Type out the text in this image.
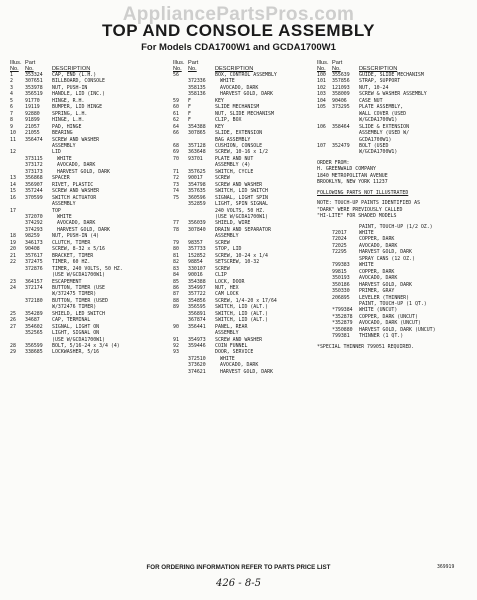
AppliancePartsPros.com
TOP AND CONSOLE ASSEMBLY
For Models CDA1700W1 and GCDA1700W1
Illus.
No.
Part
No.	DESCRIPTION
1	353324	CAP, END (L.H.)
2	307651	BILLBOARD, CONSOLE
3	353978	NUT, PUSH-IN
4	356519	HANDLE, LID (INC.)
5	91770	HINGE, R.H.
6	19119	BUMPER, LID HINGE
7	92880	SPRING, L.H.
8	91899	HINGE, L.H.
9	21057	PAD, HINGE
10	21055	BEARING
11	356474	SCREW AND WASHER
ASSEMBLY
12	LID
373115	WHITE
373172	AVOCADO, DARK
373173	HARVEST GOLD, DARK
13	356868	SPACER
14	356907	RIVET, PLASTIC
15	357244	SCREW AND WASHER
16	370599	SWITCH ACTUATOR
ASSEMBLY
17	TOP
372070	WHITE
374292	AVOCADO, DARK
374293	HARVEST GOLD, DARK
18	98259	NUT, PUSH-IN (4)
19	346173	CLUTCH, TIMER
20	90408	SCREW, 8-32 x 5/16
21	357617	BRACKET, TIMER
22	372475	TIMER, 60 HZ.
372876	TIMER, 240 VOLTS, 50 HZ.
(USE W/GCDA1700W1)
23	364157	ESCAPEMENT
24	372174	BUTTON, TIMER (USE
W/372475 TIMER)
372180	BUTTON, TIMER (USED
W/372476 TIMER)
25	354289	SHIELD, LED SWITCH
26	34687	CAP, TERMINAL
27	354602	SIGNAL, LIGHT ON
352565	LIGHT, SIGNAL ON
(USE W/GCDA1700W1)
28	356599	BOLT, 5/16-24 x 3/4 (4)
29	338685	LOCKWASHER, 5/16
Illus.
No.
Part
No.	DESCRIPTION
56	BOX, CONTROL ASSEMBLY
372336	WHITE
358135	AVOCADO, DARK
358136	HARVEST GOLD, DARK
59	F	KEY
60	F	SLIDE MECHANISM
61	F	NUT, SLIDE MECHANISM
62	F	CLIP, BOX
64	354388	KEY
66	307865	SLIDE, EXTENSION
BAG ASSEMBLY
68	357128	CUSHION, CONSOLE
69	363648	SCREW, 10-16 x 1/2
70	93701	PLATE AND NUT
ASSEMBLY (4)
71	357625	SWITCH, CYCLE
72	90017	SCREW
73	354798	SCREW AND WASHER
74	357635	SWITCH, LID SWITCH
75	360596	SIGNAL, LIGHT SPIN
352859	LIGHT, SPIN SIGNAL
240 VOLTS, 50 HZ.
(USE W/GCDA1700W1)
77	356039	SHIELD, WIRE
78	307840	DRAIN AND SEPARATOR
ASSEMBLY
79	98357	SCREW
80	357733	STOP, LID
81	152852	SCREW, 10-24 x 1/4
82	98854	SETSCREW, 10-32
83	330107	SCREW
84	90016	CLIP
85	354388	LOCK, DOOR
86	354997	NUT, HEX
87	357722	CAM LOCK
88	354856	SCREW, 1/4-20 x 17/64
89	356595	SWITCH, LID (ALT.)
356891	SWITCH, LID (ALT.)
367874	SWITCH, LID (ALT.)
90	356441	PANEL, REAR
ASSEMBLY
91	354973	SCREW AND WASHER
92	359446	COIN FUNNEL
93	DOOR, SERVICE
372510	WHITE
373620	AVOCADO, DARK
374621	HARVEST GOLD, DARK
Illus.
No.
Part
No.	DESCRIPTION
100	355639	GUIDE, SLIDE MECHANISM
101	357856	STRAP, SUPPORT
102	121093	NUT, 10-24
103	358009	SCREW & WASHER ASSEMBLY
104	90406	CASE NUT
105	373295	PLATE ASSEMBLY,
WALL COVER (USED
W/GCDA1700W1)
106	358464	SLIDE & EXTENSION
ASSEMBLY (USED W/
GCDA1700W1)
107	352479	BOLT (USED
W/GCDA1700W1)
ORDER FROM:
H. GREENWALD COMPANY
1840 METROPOLITAN AVENUE
BROOKLYN, NEW YORK 11237
FOLLOWING PARTS NOT ILLUSTRATED
NOTE: TOUCH-UP PAINTS IDENTIFIED AS
"DARK" WERE PREVIOUSLY CALLED
"HI-LITE" FOR SHADED MODELS
PAINT, TOUCH-UP (1/2 OZ.)
72017	WHITE
72024	COPPER, DARK
72025	AVOCADO, DARK
72295	HARVEST GOLD, DARK
SPRAY CANS (12 OZ.)
799383	WHITE
99815	COPPER, DARK
350193	AVOCADO, DARK
350186	HARVEST GOLD, DARK
350330	PRIMER, GRAY
206895	LEVELER (THINNER)
PAINT, TOUCH-UP (1 QT.)
*799384	WHITE (UNCUT)
*352878	COPPER, DARK (UNCUT)
*352879	AVOCADO, DARK (UNCUT)
*350880	HARVEST GOLD, DARK (UNCUT)
799381	THINNER (1 QT.)
*SPECIAL THINNER 799051 REQUIRED.
FOR ORDERING INFORMATION REFER TO PARTS PRICE LIST	369919
426 - 8-5
